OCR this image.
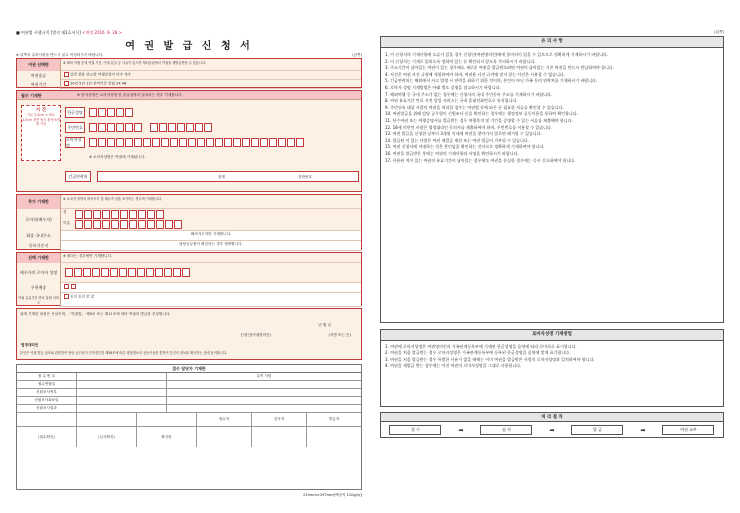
■ 여권법 시행규칙 [별지 제1호서식] <개정 2016. 9. 28.>
여 권 발 급 신 청 서
※ 뒤쪽의 유의사항을 반드시 읽고 작성하시기 바랍니다.	(앞쪽)
여권 선택란	※ 해외 여행 중에 여권 기간, 여권 분실 등 사유가 있으면 재외공관에서 여권을 재발급받을 수 있습니다.
여권종류	일반 관용 외교관 여행증명서 단수 복수
여권기간	10년 5년 1년 잔여기간 알림 24 48
필수 기재란	※ 한자성명은 로마자성명 및 한글성명과 일치하는 경우 기재합니다.
사 진
가로 3.5cm × 세로 4.5cm 정면 탈모 촬영 6개월 이내
한글성명
주민번호
로마자성명
※ 로마자성명은 여권에 기재됩니다.
긴급연락처	관계	전화번호
추가 기재란	※ 로마자 성명의 띄어쓰기 및 배우자 성을 표기하는 경우에 기재합니다.
로마자(배우자)
성
이름
최종 국내주소	해외거주자만 기재합니다.
등록기준지	담당공무원이 확인하는 경우 생략합니다.
선택 기재란	※ 원하는 경우에만 기재합니다.
배우자의 로마자 성명
우편배송
여권 유효기간 만료 알림 서비스
동의 동의 안 함
위에 기재한 내용은 사실이며, 「여권법」 제9조 또는 제11조에 따라 여권의 발급을 신청합니다.
년 월 일
신청인(여권명의인)	(서명 또는 인)
법정대리인
본인은 여권 발급 심사와 관련하여 담당 공무원이 전자정부법 제36조에 따른 행정정보의 공동이용을 통하여 본인의 정보를 확인하는 것에 동의합니다.
접수 담당자 기재란
접 수 번 호	특이 사항
접수연월일
신원조사여부
신원조사회보일
신원조사결과
접수자	심사자	발급자
(접수확인)	(심사확인)	확인란
210mm×297mm[백상지 120g/㎡]
(뒤쪽)
유 의 사 항

1. 이 신청서의 기재사항에 오류가 있을 경우 신청인(여권명의인)에게 불이익이 있을 수 있으므로 정확하게 기재하시기 바랍니다.

2. 이 신청서는 기계로 읽히도록 정하여 있는 등 확인되지 않도록 주의하시기 바랍니다.

3. 주소기간이 남아있는 여권이 있는 경우에도 새로운 여권을 발급받으려면 여권이 남아있는 기존 여권을 반드시 반납하여야 합니다.

4. 사진은 여권 사진 규정에 적합하여야 하며, 여권용 사진 규격에 맞지 않는 사진은 사용할 수 없습니다.

5. 긴급연락처는 해외에서 사고 발생 시 연락을 취하기 위한 것이며, 본인이 아닌 가족 등의 연락처를 기재하시기 바랍니다.

6. 로마자 성명 기재방법은 아래 별도 설명을 참고하시기 바랍니다.

7. 해외여행 중 국내 주소가 없는 경우에는 신청자의 국내 주민등록 주소를 기재하시기 바랍니다.

8. 여권 유효기간 만료 사전 알림 서비스는 국내 휴대전화번호로 통지됩니다.

9. 주민등록 대상 사람의 여권을 처리할 경우는 여권법 등에 따른 등 필요한 서류를 확인할 수 있습니다.

10. 여권발급을 위해 담당 공무원이 신원조사 등을 확인하는 경우에는 행정정보 공동이용을 통하여 확인합니다.

11. 단수여권 또는 여행증명서를 발급받는 경우 여행목적 및 기간을 증명할 수 있는 서류를 제출해야 합니다.

12. 18세 미만인 사람은 법정대리인 동의서를 제출하여야 하며, 주민번호를 이용할 수 있습니다.

13. 여권 발급을 신청한 날부터 3개월 이내에 여권을 찾아가지 않으면 폐기될 수 있습니다.

14. 발급된 이 있는 사람은 여권 재발급 제한 또는 여권 발급이 거부될 수 있습니다.

15. 여권 신청서에 서명하는 것은 본인임을 확인하는 것이므로 정확하게 기재하여야 합니다.

16. 여권을 발급받은 후에는 여권의 기재사항과 서명을 확인하시기 바랍니다.

17. 사용된 적이 있는 여권의 유효기간이 남아있는 경우에도 여권을 분실한 경우에는 즉시 신고하여야 합니다.

로마자성명 기재방법

1. 여권에 로마자성명은 여권명의인의 가족관계등록부에 기재된 한글성명을 음역에 따라 로마자로 표기합니다.

2. 여권을 처음 발급받는 경우 로마자성명은 가족관계등록부에 등록된 한글성명을 음역에 맞게 표기합니다.

3. 여권을 처음 발급받는 경우 특별한 사유가 없을 때에는 이미 여권을 발급받은 사람의 로마자성명과 일치하여야 합니다.

4. 여권을 재발급 받는 경우에는 이전 여권의 로마자성명을 그대로 사용합니다.

처 리 절 차
접 수	➡	심 사	➡	발 급	➡	여권 교부
